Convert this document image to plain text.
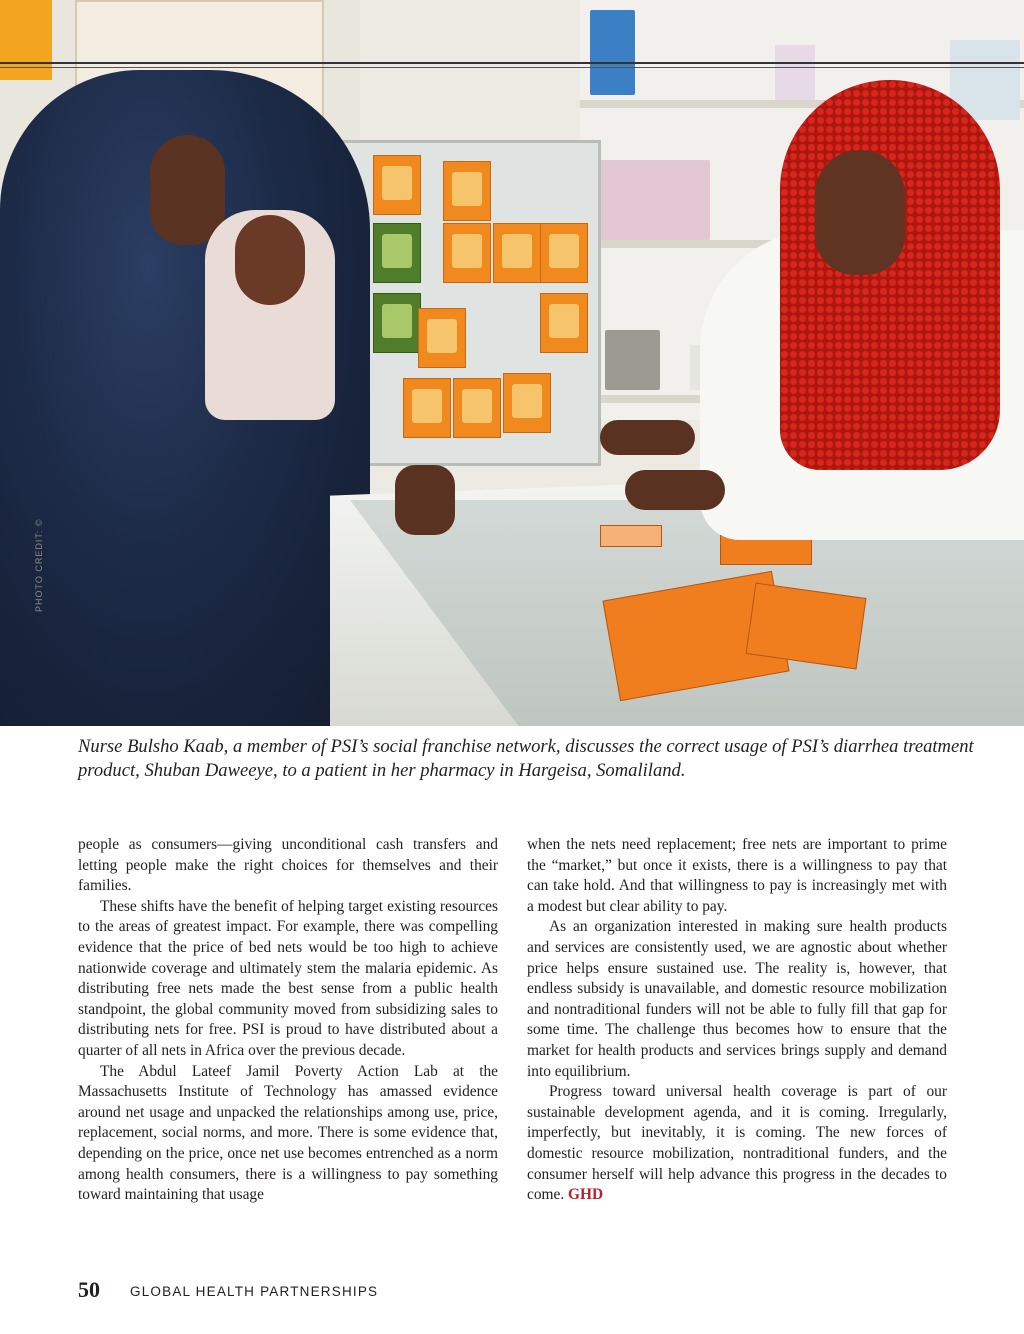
PHOTO CREDIT: ©
Nurse Bulsho Kaab, a member of PSI’s social franchise network, discusses the correct usage of PSI’s diarrhea treatment product, Shuban Daweeye, to a patient in her pharmacy in Hargeisa, Somaliland.

people as consumers—giving unconditional cash transfers and letting people make the right choices for themselves and their families.

These shifts have the benefit of helping target existing resources to the areas of greatest impact. For example, there was compelling evidence that the price of bed nets would be too high to achieve nationwide coverage and ultimately stem the malaria epidemic. As distributing free nets made the best sense from a public health standpoint, the global community moved from subsidizing sales to distributing nets for free. PSI is proud to have distributed about a quarter of all nets in Africa over the previous decade.

The Abdul Lateef Jamil Poverty Action Lab at the Massachusetts Institute of Technology has amassed evidence around net usage and unpacked the relationships among use, price, replacement, social norms, and more. There is some evidence that, depending on the price, once net use becomes entrenched as a norm among health consumers, there is a willingness to pay something toward maintaining that usage

when the nets need replacement; free nets are important to prime the “market,” but once it exists, there is a willingness to pay that can take hold. And that willingness to pay is increasingly met with a modest but clear ability to pay.

As an organization interested in making sure health products and services are consistently used, we are agnostic about whether price helps ensure sustained use. The reality is, however, that endless subsidy is unavailable, and domestic resource mobilization and nontraditional funders will not be able to fully fill that gap for some time. The challenge thus becomes how to ensure that the market for health products and services brings supply and demand into equilibrium.

Progress toward universal health coverage is part of our sustainable development agenda, and it is coming. Irregularly, imperfectly, but inevitably, it is coming. The new forces of domestic resource mobilization, nontraditional funders, and the consumer herself will help advance this progress in the decades to come. GHD

50 GLOBAL HEALTH PARTNERSHIPS
